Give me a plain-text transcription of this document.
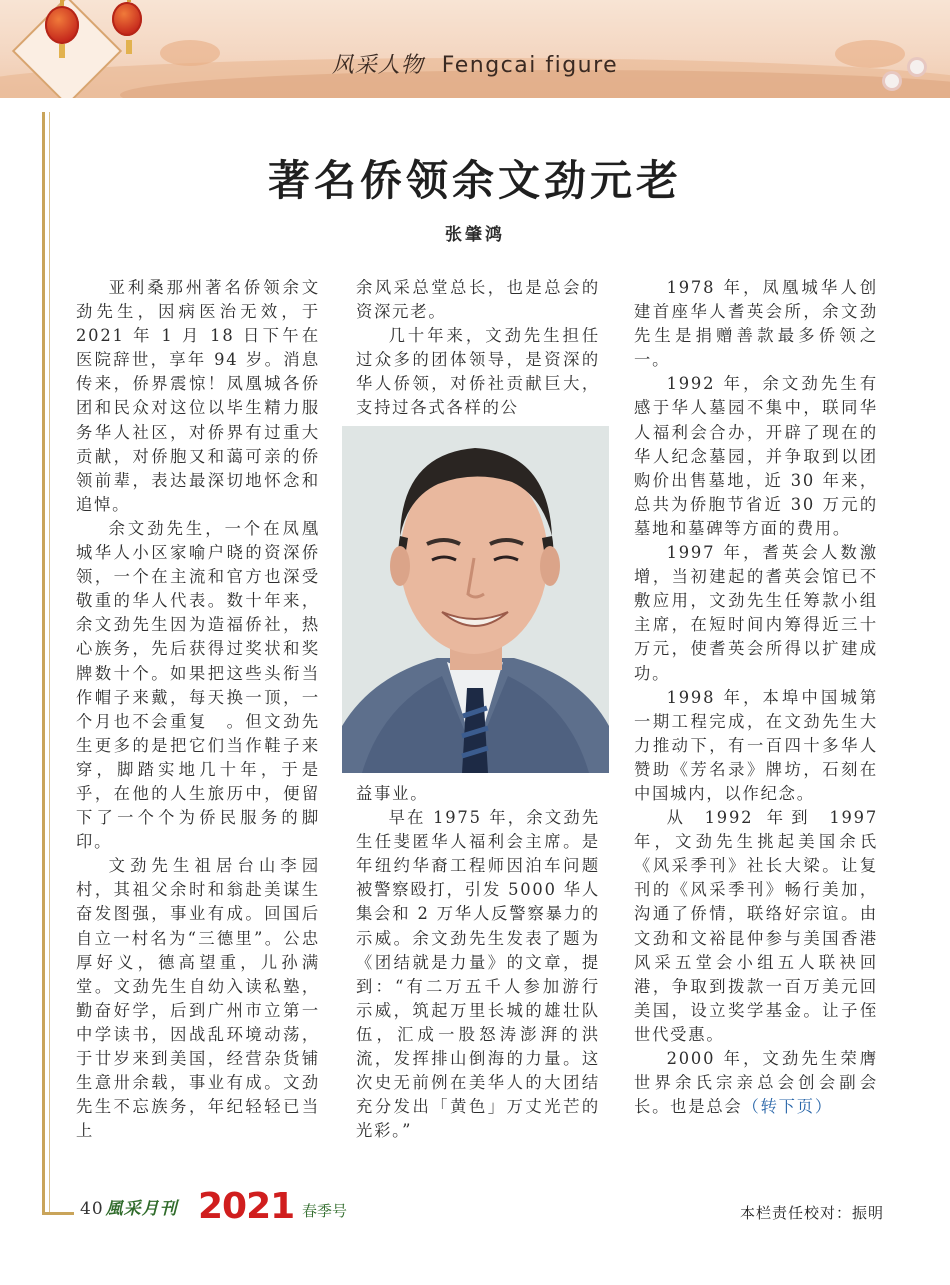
风采人物 Fengcai figure
著名侨领余文劲元老
张肇鸿

亚利桑那州著名侨领余文劲先生，因病医治无效，于 2021 年 1 月 18 日下午在医院辞世，享年 94 岁。消息传来，侨界震惊！凤凰城各侨团和民众对这位以毕生精力服务华人社区，对侨界有过重大贡献，对侨胞又和蔼可亲的侨领前辈，表达最深切地怀念和追悼。

余文劲先生，一个在凤凰城华人小区家喻户晓的资深侨领，一个在主流和官方也深受敬重的华人代表。数十年来，余文劲先生因为造福侨社，热心族务，先后获得过奖状和奖牌数十个。如果把这些头衔当作帽子来戴，每天换一顶，一个月也不会重复　。但文劲先生更多的是把它们当作鞋子来穿，脚踏实地几十年，于是乎，在他的人生旅历中，便留下了一个个为侨民服务的脚印。

文劲先生祖居台山李园村，其祖父余时和翁赴美谋生奋发图强，事业有成。回国后自立一村名为“三德里”。公忠厚好义，德高望重，儿孙满堂。文劲先生自幼入读私塾，勤奋好学，后到广州市立第一中学读书，因战乱环境动荡，于廿岁来到美国，经营杂货铺生意卅余载，事业有成。文劲先生不忘族务，年纪轻轻已当上

余风采总堂总长，也是总会的资深元老。

几十年来，文劲先生担任过众多的团体领导，是资深的华人侨领，对侨社贡献巨大，支持过各式各样的公

益事业。

早在 1975 年，余文劲先生任斐匿华人福利会主席。是年纽约华裔工程师因泊车问题被警察殴打，引发 5000 华人集会和 2 万华人反警察暴力的示威。余文劲先生发表了题为《团结就是力量》的文章，提到：“有二万五千人参加游行示威，筑起万里长城的雄壮队伍，汇成一股怒涛澎湃的洪流，发挥排山倒海的力量。这次史无前例在美华人的大团结充分发出「黄色」万丈光芒的光彩。”

1978 年，凤凰城华人创建首座华人耆英会所，余文劲先生是捐赠善款最多侨领之一。

1992 年，余文劲先生有感于华人墓园不集中，联同华人福利会合办，开辟了现在的华人纪念墓园，并争取到以团购价出售墓地，近 30 年来，总共为侨胞节省近 30 万元的墓地和墓碑等方面的费用。

1997 年，耆英会人数激增，当初建起的耆英会馆已不敷应用，文劲先生任筹款小组主席，在短时间内筹得近三十万元，使耆英会所得以扩建成功。

1998 年，本埠中国城第一期工程完成，在文劲先生大力推动下，有一百四十多华人赞助《芳名录》牌坊，石刻在中国城内，以作纪念。

从 1992 年到 1997 年，文劲先生挑起美国余氏《风采季刊》社长大梁。让复刊的《风采季刊》畅行美加，沟通了侨情，联络好宗谊。由文劲和文裕昆仲参与美国香港风采五堂会小组五人联袂回港，争取到拨款一百万美元回美国，设立奖学基金。让子侄世代受惠。

2000 年，文劲先生荣膺世界余氏宗亲总会创会副会长。也是总会（转下页）

40 風采月刊 2021 春季号	本栏责任校对：振明
